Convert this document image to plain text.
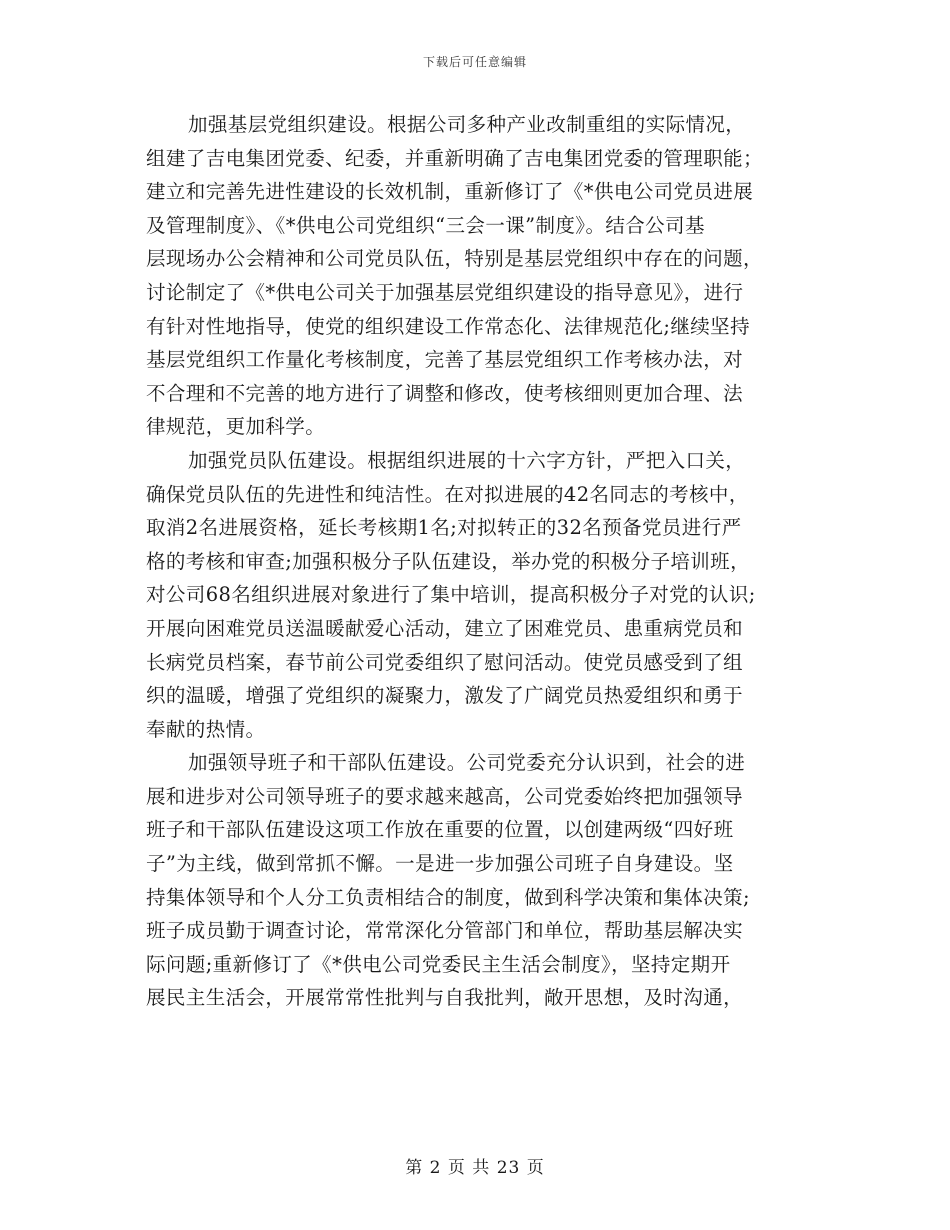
下载后可任意编辑
加强基层党组织建设。根据公司多种产业改制重组的实际情况，
组建了吉电集团党委、纪委，并重新明确了吉电集团党委的管理职能；
建立和完善先进性建设的长效机制，重新修订了《*供电公司党员进展
及管理制度》、《*供电公司党组织“三会一课”制度》。结合公司基
层现场办公会精神和公司党员队伍，特别是基层党组织中存在的问题，
讨论制定了《*供电公司关于加强基层党组织建设的指导意见》，进行
有针对性地指导，使党的组织建设工作常态化、法律规范化;继续坚持
基层党组织工作量化考核制度，完善了基层党组织工作考核办法，对
不合理和不完善的地方进行了调整和修改，使考核细则更加合理、法
律规范，更加科学。
加强党员队伍建设。根据组织进展的十六字方针，严把入口关，
确保党员队伍的先进性和纯洁性。在对拟进展的42名同志的考核中，
取消2名进展资格，延长考核期1名;对拟转正的32名预备党员进行严
格的考核和审查;加强积极分子队伍建设，举办党的积极分子培训班，
对公司68名组织进展对象进行了集中培训，提高积极分子对党的认识;
开展向困难党员送温暖献爱心活动，建立了困难党员、患重病党员和
长病党员档案，春节前公司党委组织了慰问活动。使党员感受到了组
织的温暖，增强了党组织的凝聚力，激发了广阔党员热爱组织和勇于
奉献的热情。
加强领导班子和干部队伍建设。公司党委充分认识到，社会的进
展和进步对公司领导班子的要求越来越高，公司党委始终把加强领导
班子和干部队伍建设这项工作放在重要的位置，以创建两级“四好班
子”为主线，做到常抓不懈。一是进一步加强公司班子自身建设。坚
持集体领导和个人分工负责相结合的制度，做到科学决策和集体决策;
班子成员勤于调查讨论，常常深化分管部门和单位，帮助基层解决实
际问题;重新修订了《*供电公司党委民主生活会制度》，坚持定期开
展民主生活会，开展常常性批判与自我批判，敞开思想，及时沟通，
第 2 页 共 23 页
